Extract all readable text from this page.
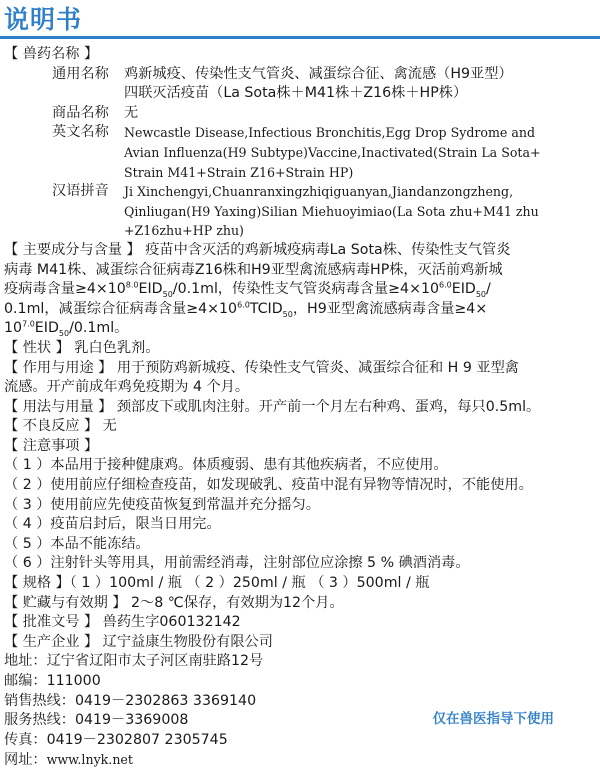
说明书
【 兽药名称 】
通用名称	鸡新城疫、传染性支气管炎、减蛋综合征、禽流感（H9亚型）
四联灭活疫苗（La Sota株＋M41株＋Z16株＋HP株）
商品名称	无
英文名称	Newcastle Disease,Infectious Bronchitis,Egg Drop Sydrome and
Avian Influenza(H9 Subtype)Vaccine,Inactivated(Strain La Sota+
Strain M41+Strain Z16+Strain HP)
汉语拼音	Ji Xinchengyi,Chuanranxingzhiqiguanyan,Jiandanzongzheng,
Qinliugan(H9 Yaxing)Silian Miehuoyimiao(La Sota zhu+M41 zhu
+Z16zhu+HP zhu)
【 主要成分与含量 】 疫苗中含灭活的鸡新城疫病毒La Sota株、传染性支气管炎
病毒 M41株、减蛋综合征病毒Z16株和H9亚型禽流感病毒HP株，灭活前鸡新城
疫病毒含量$\ge 4\times 10^{8.0}EID_{50}/0.1ml$，传染性支气管炎病毒含量$\ge 4\times 10^{6.0}EID_{50}/$
0.1ml，减蛋综合征病毒含量$\ge 4\times 10^{6.0}TCID_{50}$，H9亚型禽流感病毒含量≥4×
$10^{7.0}EID_{50}/0.1ml$。
【 性状 】 乳白色乳剂。
【 作用与用途 】 用于预防鸡新城疫、传染性支气管炎、减蛋综合征和 H 9 亚型禽
流感。开产前成年鸡免疫期为 4 个月。
【 用法与用量 】 颈部皮下或肌肉注射。开产前一个月左右种鸡、蛋鸡，每只0.5ml。
【 不良反应 】 无
【 注意事项 】
（ 1 ）本品用于接种健康鸡。体质瘦弱、患有其他疾病者，不应使用。
（ 2 ）使用前应仔细检查疫苗，如发现破乳、疫苗中混有异物等情况时，不能使用。
（ 3 ）使用前应先使疫苗恢复到常温并充分摇匀。
（ 4 ）疫苗启封后，限当日用完。
（ 5 ）本品不能冻结。
（ 6 ）注射针头等用具，用前需经消毒，注射部位应涂擦 5 % 碘酒消毒。
【 规格 】（ 1 ）100ml / 瓶 （ 2 ）250ml / 瓶 （ 3 ）500ml / 瓶
【 贮藏与有效期 】 2～8 ℃保存，有效期为12个月。
【 批准文号 】 兽药生字060132142
【 生产企业 】 辽宁益康生物股份有限公司
地址：辽宁省辽阳市太子河区南驻路12号
邮编：111000
销售热线：0419－2302863 3369140
服务热线：0419－3369008
传真：0419－2302807 2305745
网址：www.lnyk.net
仅在兽医指导下使用
